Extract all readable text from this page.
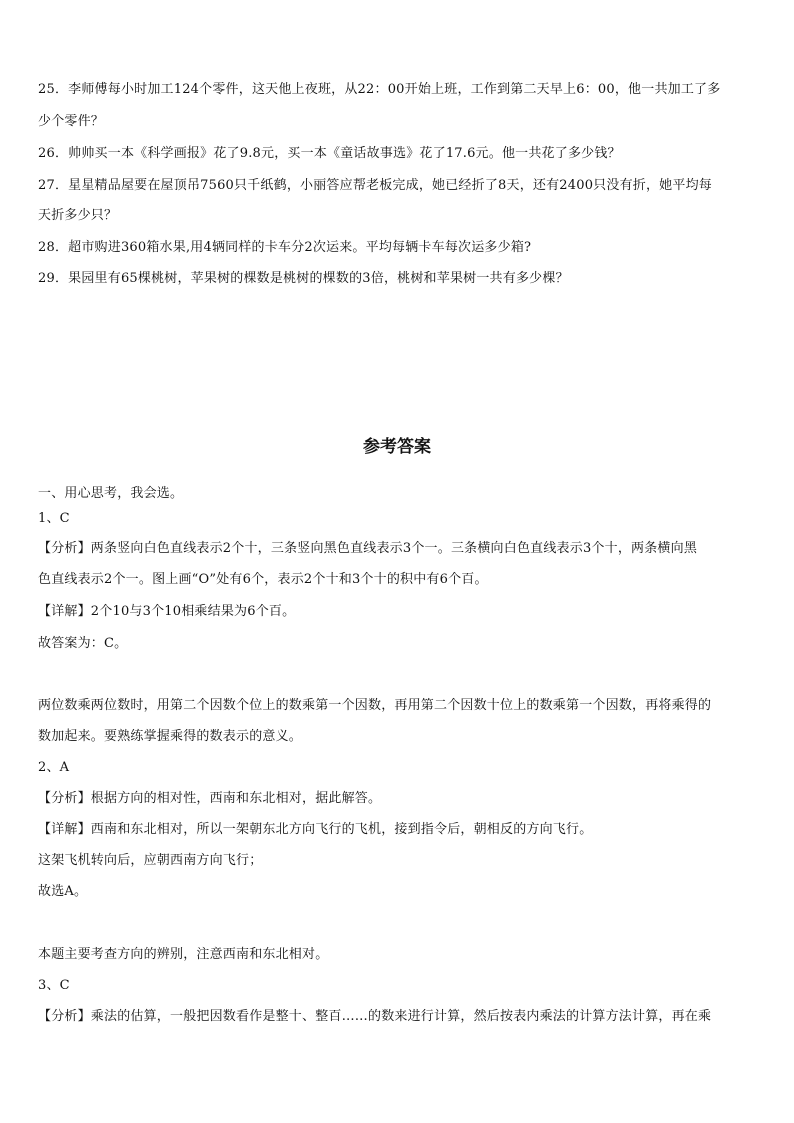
25．李师傅每小时加工124个零件，这天他上夜班，从22：00开始上班，工作到第二天早上6：00，他一共加工了多
少个零件？
26．帅帅买一本《科学画报》花了9.8元，买一本《童话故事选》花了17.6元。他一共花了多少钱？
27．星星精品屋要在屋顶吊7560只千纸鹤，小丽答应帮老板完成，她已经折了8天，还有2400只没有折，她平均每
天折多少只？
28．超市购进360箱水果,用4辆同样的卡车分2次运来。平均每辆卡车每次运多少箱?
29．果园里有65棵桃树，苹果树的棵数是桃树的棵数的3倍，桃树和苹果树一共有多少棵？
参考答案
一、用心思考，我会选。
1、C
【分析】两条竖向白色直线表示2个十，三条竖向黑色直线表示3个一。三条横向白色直线表示3个十，两条横向黑
色直线表示2个一。图上画“O”处有6个，表示2个十和3个十的积中有6个百。
【详解】2个10与3个10相乘结果为6个百。
故答案为：C。
两位数乘两位数时，用第二个因数个位上的数乘第一个因数，再用第二个因数十位上的数乘第一个因数，再将乘得的
数加起来。要熟练掌握乘得的数表示的意义。
2、A
【分析】根据方向的相对性，西南和东北相对，据此解答。
【详解】西南和东北相对，所以一架朝东北方向飞行的飞机，接到指令后，朝相反的方向飞行。
这架飞机转向后，应朝西南方向飞行；
故选A。
本题主要考查方向的辨别，注意西南和东北相对。
3、C
【分析】乘法的估算，一般把因数看作是整十、整百……的数来进行计算，然后按表内乘法的计算方法计算，再在乘
